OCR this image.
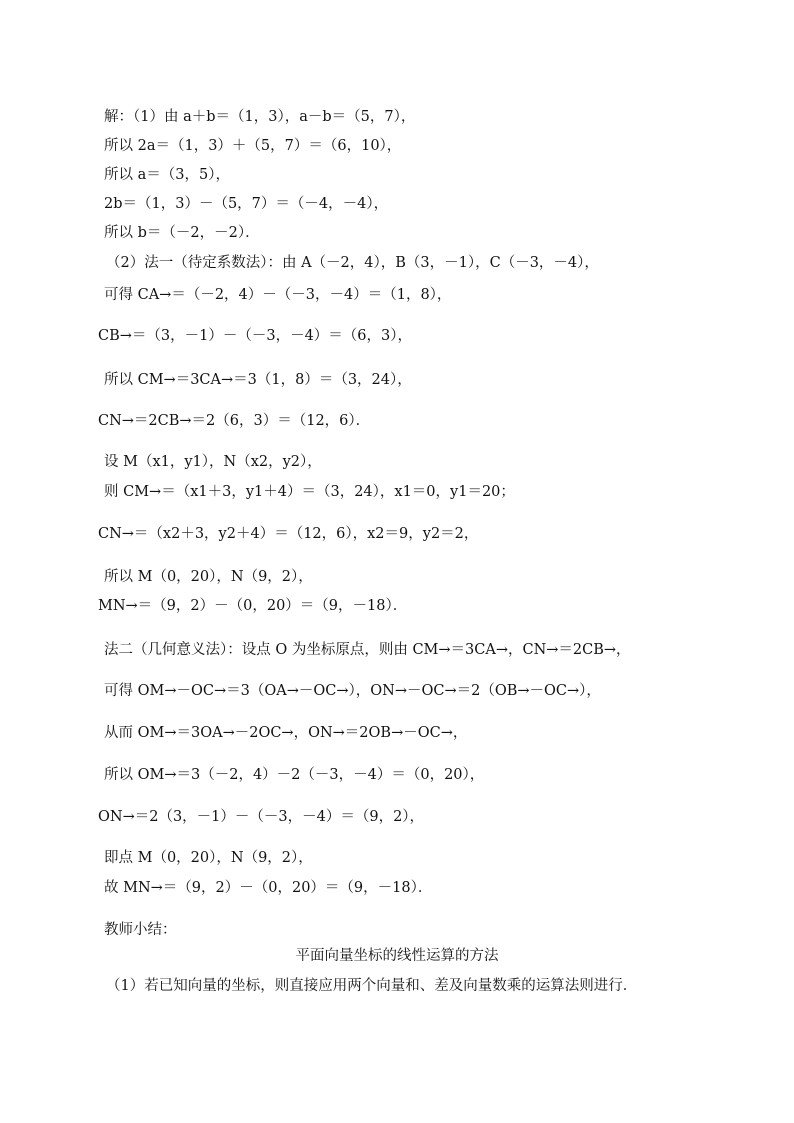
解：（1）由 a＋b＝（1，3），a－b＝（5，7），
所以 2a＝（1，3）＋（5，7）＝（6，10），
所以 a＝（3，5），
2b＝（1，3）－（5，7）＝（－4，－4），
所以 b＝（－2，－2）．
（2）法一（待定系数法）：由 A（－2，4），B（3，－1），C（－3，－4），
可得 CA→＝（－2，4）－（－3，－4）＝（1，8），
CB→＝（3，－1）－（－3，－4）＝（6，3），
所以 CM→＝3CA→＝3（1，8）＝（3，24），
CN→＝2CB→＝2（6，3）＝（12，6）．
设 M（x1，y1），N（x2，y2），
则 CM→＝（x1＋3，y1＋4）＝（3，24），x1＝0，y1＝20；
CN→＝（x2＋3，y2＋4）＝（12，6），x2＝9，y2＝2，
所以 M（0，20），N（9，2），
MN→＝（9，2）－（0，20）＝（9，－18）．
法二（几何意义法）：设点 O 为坐标原点，则由 CM→＝3CA→，CN→＝2CB→，
可得 OM→－OC→＝3（OA→－OC→），ON→－OC→＝2（OB→－OC→），
从而 OM→＝3OA→－2OC→，ON→＝2OB→－OC→，
所以 OM→＝3（－2，4）－2（－3，－4）＝（0，20），
ON→＝2（3，－1）－（－3，－4）＝（9，2），
即点 M（0，20），N（9，2），
故 MN→＝（9，2）－（0，20）＝（9，－18）．
教师小结：
平面向量坐标的线性运算的方法
（1）若已知向量的坐标，则直接应用两个向量和、差及向量数乘的运算法则进行．
